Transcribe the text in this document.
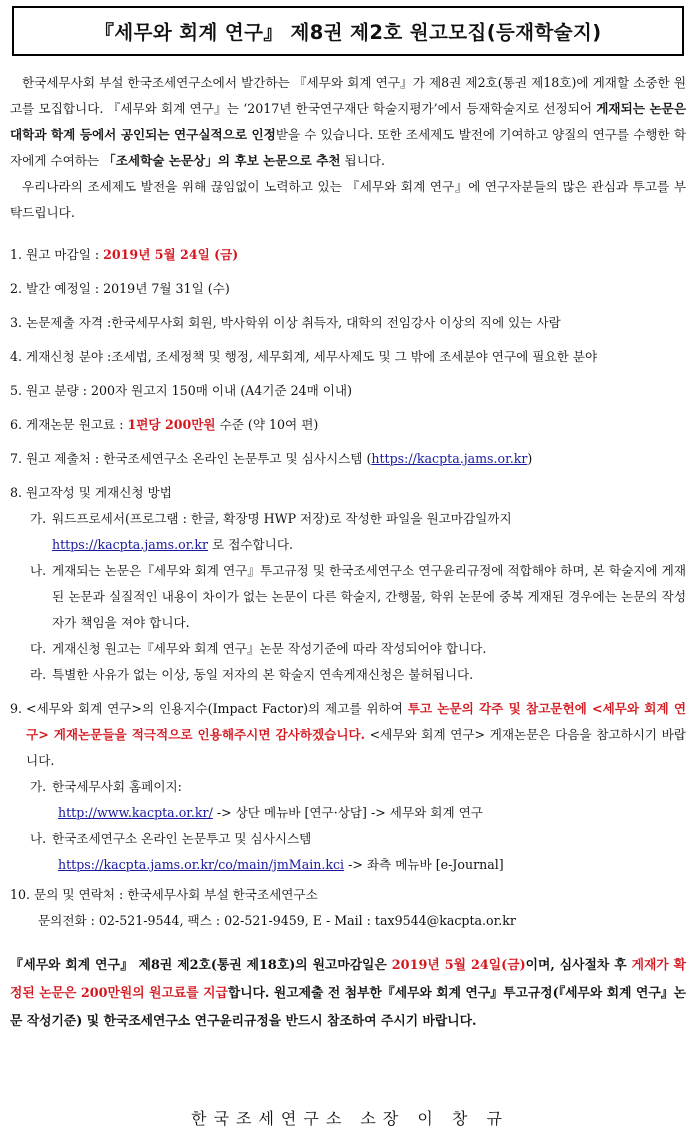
『세무와 회계 연구』 제8권 제2호 원고모집(등재학술지)

한국세무사회 부설 한국조세연구소에서 발간하는 『세무와 회계 연구』가 제8권 제2호(통권 제18호)에 게재할 소중한 원고를 모집합니다. 『세무와 회계 연구』는 ‘2017년 한국연구재단 학술지평가’에서 등재학술지로 선정되어 게재되는 논문은 대학과 학계 등에서 공인되는 연구실적으로 인정받을 수 있습니다. 또한 조세제도 발전에 기여하고 양질의 연구를 수행한 학자에게 수여하는 「조세학술 논문상」의 후보 논문으로 추천 됩니다.

우리나라의 조세제도 발전을 위해 끊임없이 노력하고 있는 『세무와 회계 연구』에 연구자분들의 많은 관심과 투고를 부탁드립니다.

1. 원고 마감일 : 2019년 5월 24일 (금)
2. 발간 예정일 : 2019년 7월 31일 (수)
3. 논문제출 자격 : 한국세무사회 회원, 박사학위 이상 취득자, 대학의 전임강사 이상의 직에 있는 사람
4. 게재신청 분야 : 조세법, 조세정책 및 행정, 세무회계, 세무사제도 및 그 밖에 조세분야 연구에 필요한 분야
5. 원고 분량 : 200자 원고지 150매 이내 (A4기준 24매 이내)
6. 게재논문 원고료 : 1편당 200만원 수준 (약 10여 편)
7. 원고 제출처 : 한국조세연구소 온라인 논문투고 및 심사시스템 (https://kacpta.jams.or.kr)
8. 원고작성 및 게재신청 방법
가. 워드프로세서(프로그램 : 한글, 확장명 HWP 저장)로 작성한 파일을 원고마감일까지
https://kacpta.jams.or.kr 로 접수합니다.
나. 게재되는 논문은『세무와 회계 연구』투고규정 및 한국조세연구소 연구윤리규정에 적합해야 하며, 본 학술지에 게재된 논문과 실질적인 내용이 차이가 없는 논문이 다른 학술지, 간행물, 학위 논문에 중복 게재된 경우에는 논문의 작성자가 책임을 져야 합니다.
다. 게재신청 원고는『세무와 회계 연구』논문 작성기준에 따라 작성되어야 합니다.
라. 특별한 사유가 없는 이상, 동일 저자의 본 학술지 연속게재신청은 불허됩니다.
9. <세무와 회계 연구>의 인용지수(Impact Factor)의 제고를 위하여 투고 논문의 각주 및 참고문헌에 <세무와 회계 연구> 게재논문들을 적극적으로 인용해주시면 감사하겠습니다. <세무와 회계 연구> 게재논문은 다음을 참고하시기 바랍니다.
가. 한국세무사회 홈페이지:
http://www.kacpta.or.kr/ -> 상단 메뉴바 [연구·상담] -> 세무와 회계 연구
나. 한국조세연구소 온라인 논문투고 및 심사시스템
https://kacpta.jams.or.kr/co/main/jmMain.kci -> 좌측 메뉴바 [e-Journal]
10. 문의 및 연락처 : 한국세무사회 부설 한국조세연구소
문의전화 : 02-521-9544, 팩스 : 02-521-9459, E - Mail : tax9544@kacpta.or.kr
『세무와 회계 연구』 제8권 제2호(통권 제18호)의 원고마감일은 2019년 5월 24일(금)이며, 심사절차 후 게재가 확정된 논문은 200만원의 원고료를 지급합니다. 원고제출 전 첨부한『세무와 회계 연구』투고규정(『세무와 회계 연구』논문 작성기준) 및 한국조세연구소 연구윤리규정을 반드시 참조하여 주시기 바랍니다.
한국조세연구소 소장 이 창 규
